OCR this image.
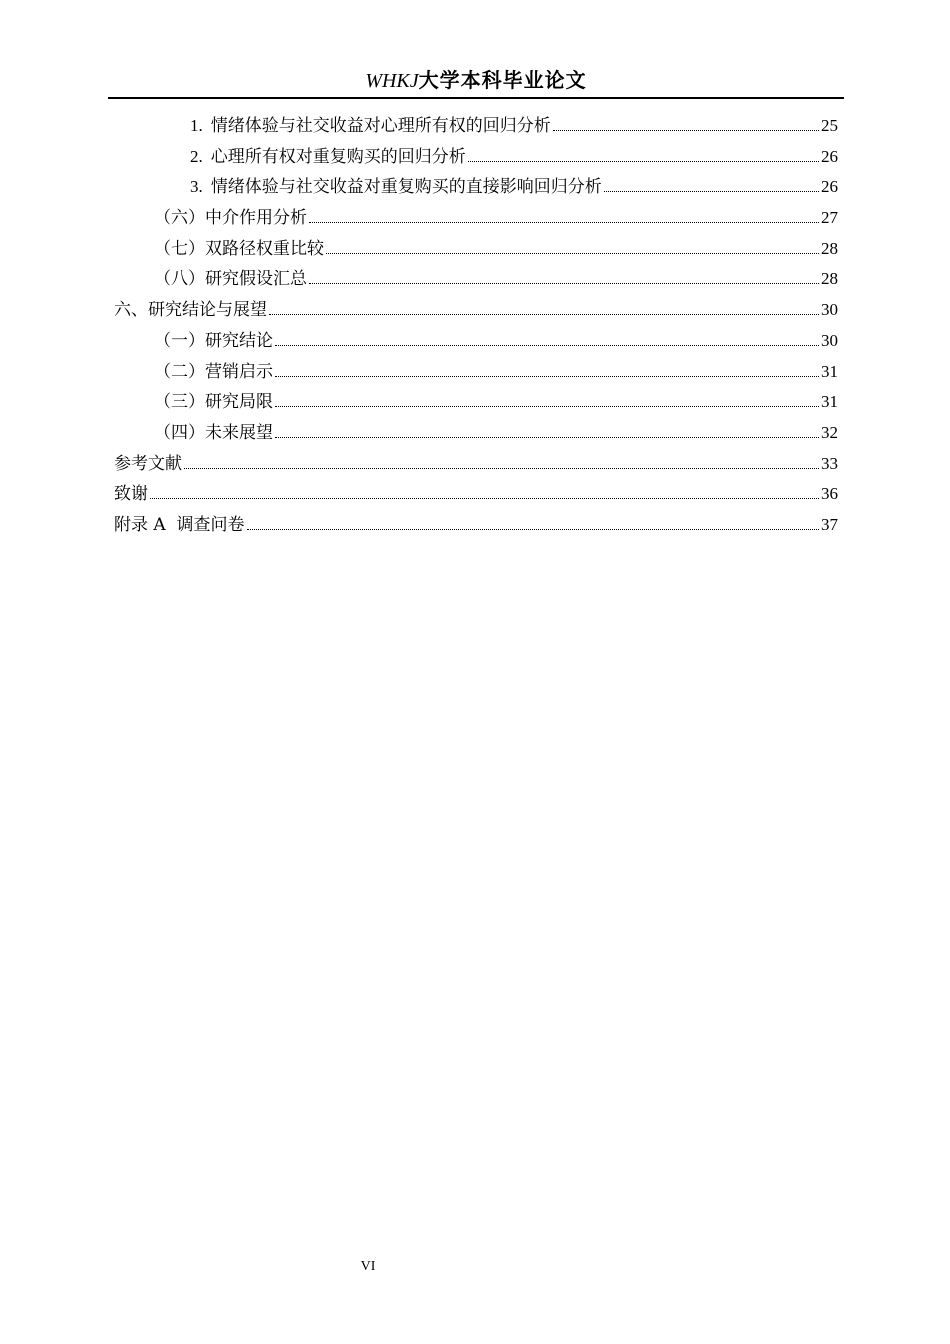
WHKJ大学本科毕业论文
1. 情绪体验与社交收益对心理所有权的回归分析	25
2. 心理所有权对重复购买的回归分析	26
3. 情绪体验与社交收益对重复购买的直接影响回归分析	26
（六）中介作用分析	27
（七）双路径权重比较	28
（八）研究假设汇总	28
六、研究结论与展望	30
（一）研究结论	30
（二）营销启示	31
（三）研究局限	31
（四）未来展望	32
参考文献	33
致谢	36
附录 A  调查问卷	37
VI
